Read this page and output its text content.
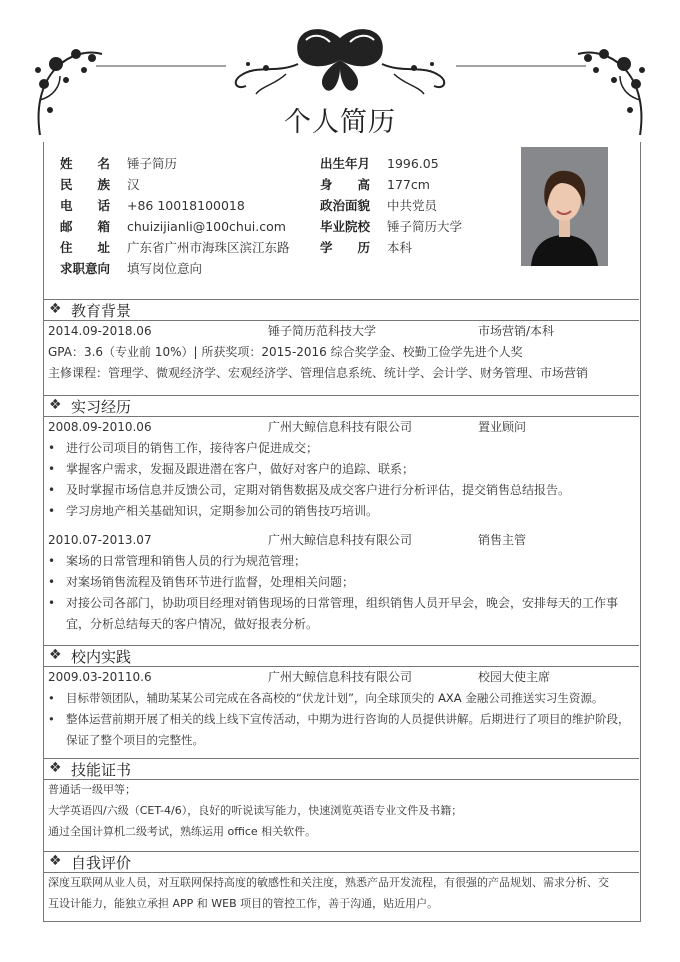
个人简历
姓　　名 锤子简历
民　　族 汉
电　　话 +86 10018100018
邮　　箱 chuizijianli@100chui.com
住　　址 广东省广州市海珠区滨江东路
求职意向 填写岗位意向
出生年月 1996.05
身　　高 177cm
政治面貌 中共党员
毕业院校 锤子简历大学
学　　历 本科
❖ 教育背景
2014.09-2018.06	锤子简历范科技大学	市场营销/本科
GPA：3.6（专业前 10%）| 所获奖项：2015-2016 综合奖学金、校勤工俭学先进个人奖
主修课程：管理学、微观经济学、宏观经济学、管理信息系统、统计学、会计学、财务管理、市场营销
❖ 实习经历
2008.09-2010.06	广州大鲸信息科技有限公司	置业顾问
• 进行公司项目的销售工作，接待客户促进成交；
• 掌握客户需求，发掘及跟进潜在客户，做好对客户的追踪、联系；
• 及时掌握市场信息并反馈公司，定期对销售数据及成交客户进行分析评估，提交销售总结报告。
• 学习房地产相关基础知识，定期参加公司的销售技巧培训。
2010.07-2013.07	广州大鲸信息科技有限公司	销售主管
• 案场的日常管理和销售人员的行为规范管理；
• 对案场销售流程及销售环节进行监督，处理相关问题；
• 对接公司各部门，协助项目经理对销售现场的日常管理，组织销售人员开早会，晚会，安排每天的工作事
宜，分析总结每天的客户情况，做好报表分析。
❖ 校内实践
2009.03-20110.6	广州大鲸信息科技有限公司	校园大使主席
• 目标带领团队，辅助某某公司完成在各高校的“伏龙计划”，向全球顶尖的 AXA 金融公司推送实习生资源。
• 整体运营前期开展了相关的线上线下宣传活动，中期为进行咨询的人员提供讲解。后期进行了项目的维护阶段，
保证了整个项目的完整性。
❖ 技能证书
普通话一级甲等；
大学英语四/六级（CET-4/6），良好的听说读写能力，快速浏览英语专业文件及书籍；
通过全国计算机二级考试，熟练运用 office 相关软件。
❖ 自我评价
深度互联网从业人员，对互联网保持高度的敏感性和关注度，熟悉产品开发流程，有很强的产品规划、需求分析、交
互设计能力，能独立承担 APP 和 WEB 项目的管控工作，善于沟通，贴近用户。
